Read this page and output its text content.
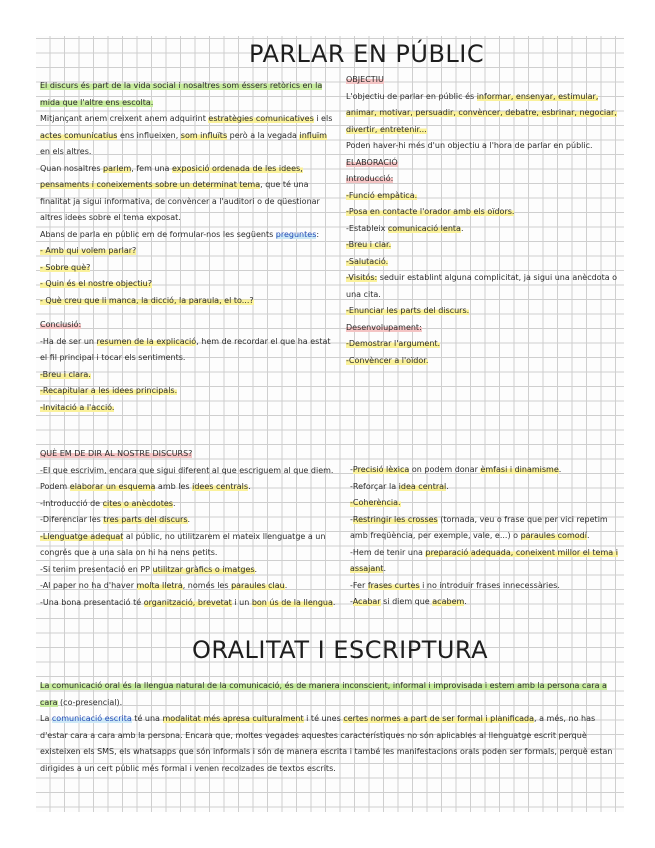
PARLAR EN PÚBLIC

El discurs és part de la vida social i nosaltres som éssers retòrics en la mida que l'altre ens escolta.

Mitjançant anem creixent anem adquirint estratègies comunicatives i els actes comunicatius ens influeixen, som influïts però a la vegada influïm en els altres.

Quan nosaltres parlem, fem una exposició ordenada de les idees, pensaments i coneixements sobre un determinat tema, que té una finalitat ja sigui informativa, de convèncer a l'auditori o de qüestionar altres idees sobre el tema exposat.

Abans de parla en públic em de formular-nos les següents preguntes:

- Amb qui volem parlar?

- Sobre què?

- Quin és el nostre objectiu?

- Què creu que li manca, la dicció, la paraula, el to...?

Conclusió:

-Ha de ser un resumen de la explicació, hem de recordar el que ha estat el fil principal i tocar els sentiments.

-Breu i clara.

-Recapitular a les idees principals.

-Invitació a l'acció.

OBJECTIU

L'objectiu de parlar en públic és informar, ensenyar, estimular, animar, motivar, persuadir, convèncer, debatre, esbrinar, negociar, divertir, entretenir...

Poden haver-hi més d'un objectiu a l'hora de parlar en públic.

ELABORACIÓ

Introducció:

-Funció empàtica.

-Posa en contacte l'orador amb els oïdors.

-Estableix comunicació lenta.

-Breu i clar.

-Salutació.

-Visitós: seduir establint alguna complicitat, ja sigui una anècdota o una cita.

-Enunciar les parts del discurs.

Desenvolupament:

-Demostrar l'argument.

-Convèncer a l'oïdor.

QUÈ EM DE DIR AL NOSTRE DISCURS?

-El que escrivim, encara que sigui diferent al que escriguem al que diem.

Podem elaborar un esquema amb les idees centrals.

-Introducció de cites o anècdotes.

-Diferenciar les tres parts del discurs.

-Llenguatge adequat al públic, no utilitzarem el mateix llenguatge a un congrés que a una sala on hi ha nens petits.

-Si tenim presentació en PP utilitzar gràfics o imatges.

-Al paper no ha d'haver molta lletra, només les paraules clau.

-Una bona presentació té organització, brevetat i un bon ús de la llengua.

-Precisió lèxica on podem donar èmfasi i dinamisme.

-Reforçar la idea central.

-Coherència.

-Restringir les crosses (tornada, veu o frase que per vici repetim amb freqüència, per exemple, vale, e...) o paraules comodí.

-Hem de tenir una preparació adequada, coneixent millor el tema i assajant.

-Fer frases curtes i no introduir frases innecessàries.

-Acabar si diem que acabem.

ORALITAT I ESCRIPTURA

La comunicació oral és la llengua natural de la comunicació, és de manera inconscient, informal i improvisada i estem amb la persona cara a cara (co-presencial).

La comunicació escrita té una modalitat més apresa culturalment i té unes certes normes a part de ser formal i planificada, a més, no has d'estar cara a cara amb la persona. Encara que, moltes vegades aquestes característiques no són aplicables al llenguatge escrit perquè existeixen els SMS, els whatsapps que són informals i són de manera escrita i també les manifestacions orals poden ser formals, perquè estan dirigides a un cert públic més formal i venen recolzades de textos escrits.
